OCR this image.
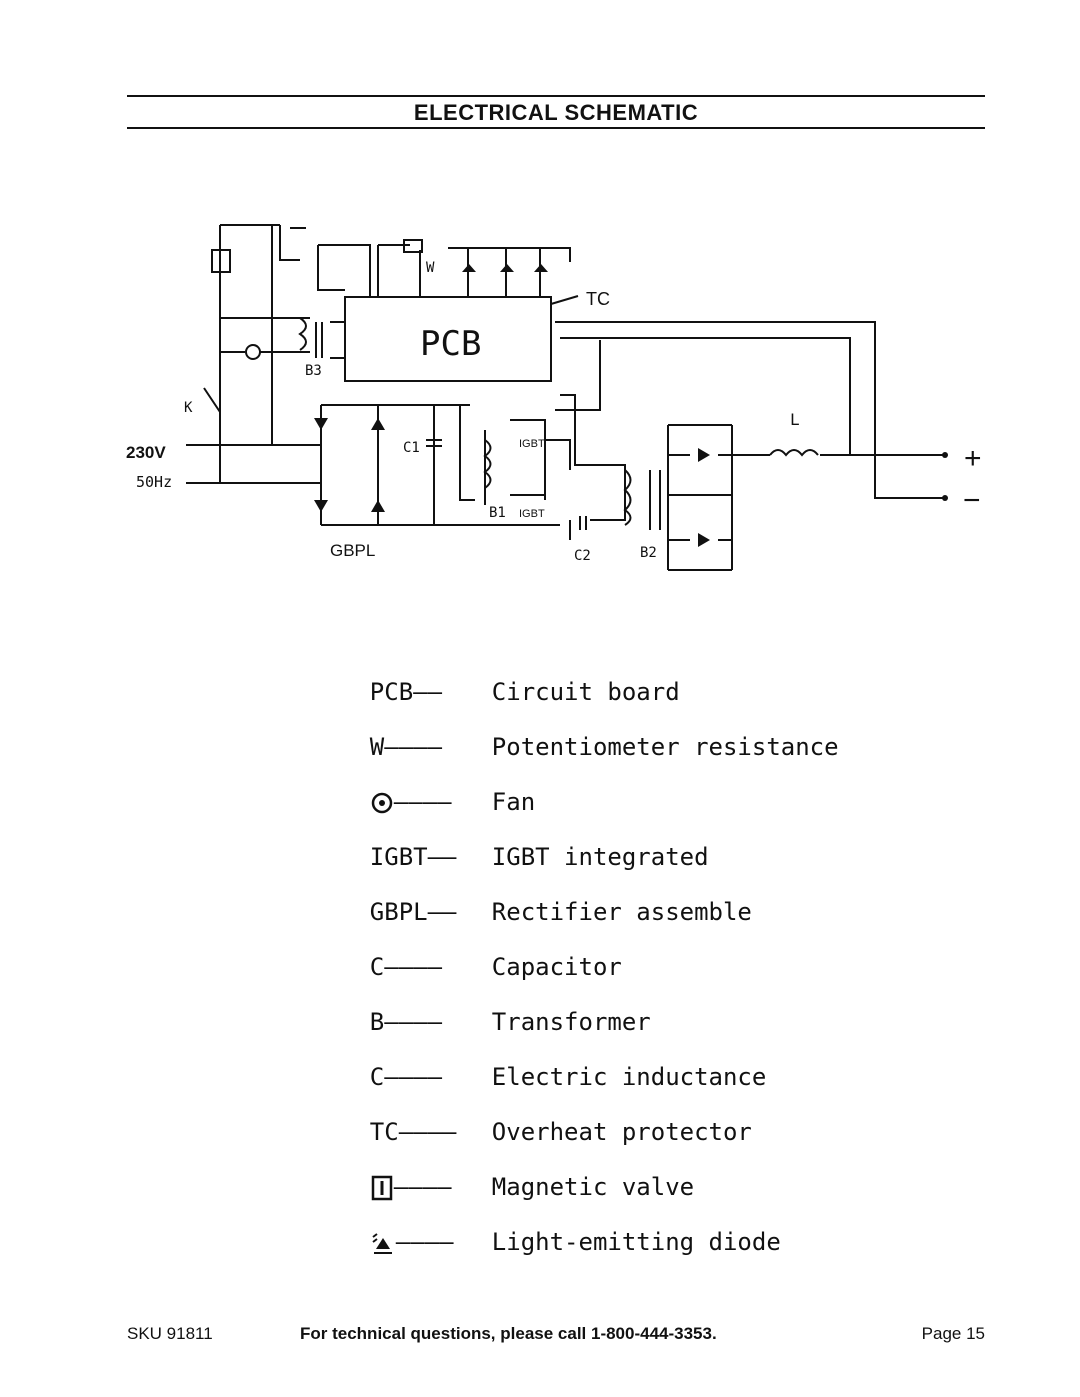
ELECTRICAL SCHEMATIC
PCB
TC
W
B3
K
230V
50Hz
C1	IGBT
IGBT
B1
C2	B2
L
+
−
GBPL

PCB—— Circuit board

W———— Potentiometer resistance

———— Fan

IGBT—— IGBT integrated

GBPL—— Rectifier assemble

C———— Capacitor

B———— Transformer

C———— Electric inductance

TC———— Overheat protector

———— Magnetic valve

———— Light-emitting diode

SKU 91811	For technical questions, please call 1-800-444-3353.	Page 15
